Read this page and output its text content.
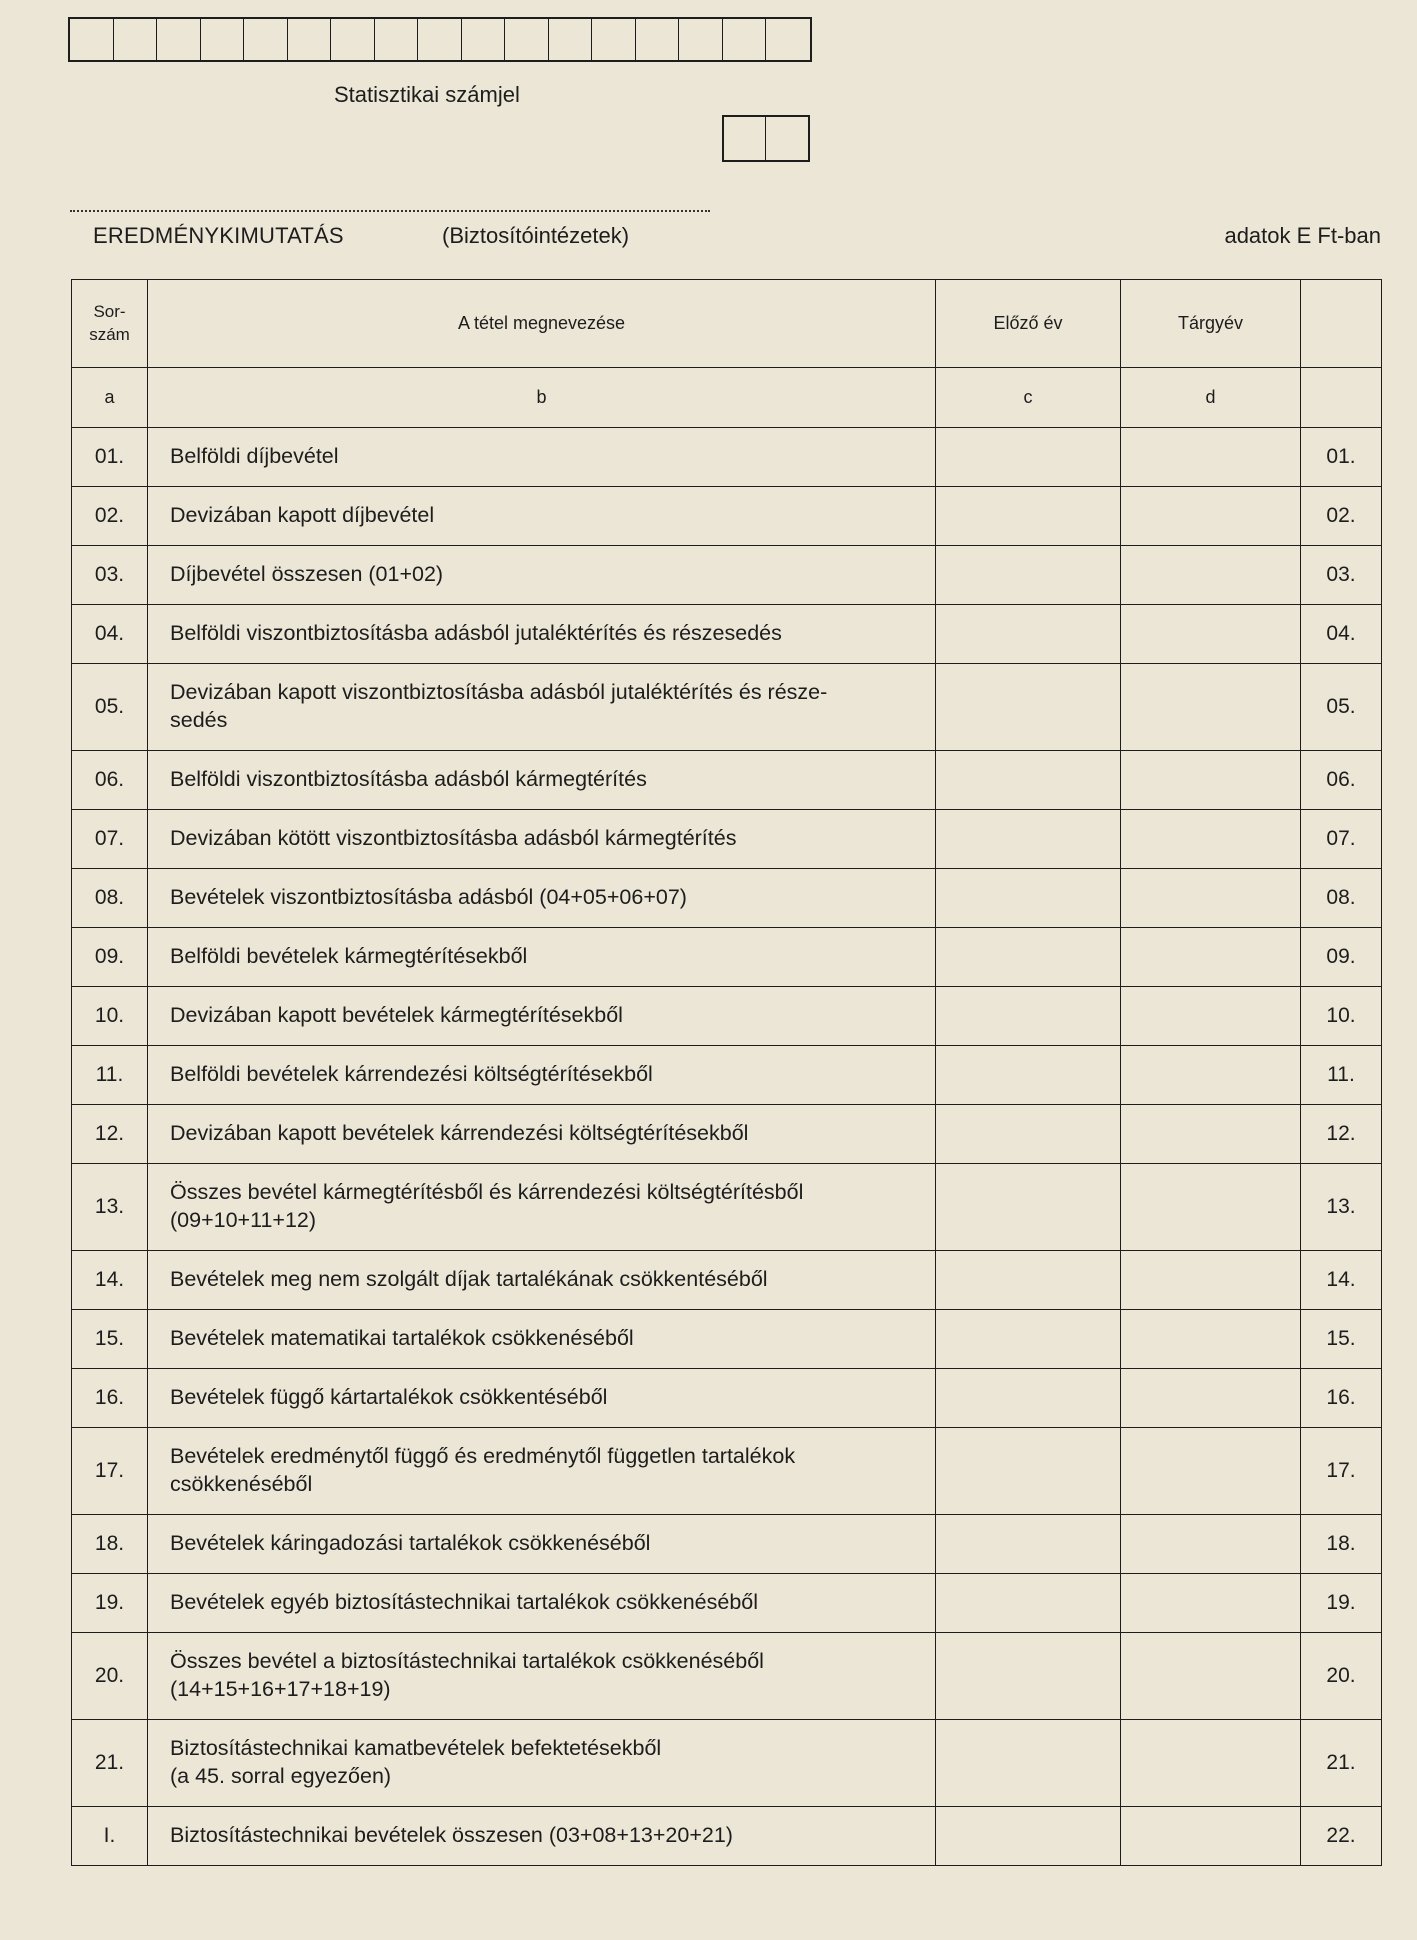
Statisztikai számjel
EREDMÉNYKIMUTATÁS	(Biztosítóintézetek)	adatok E Ft-ban
Sor-
szám	A tétel megnevezése	Előző év	Tárgyév	
a	b	c	d	
01.	Belföldi díjbevétel			01.
02.	Devizában kapott díjbevétel			02.
03.	Díjbevétel összesen (01+02)			03.
04.	Belföldi viszontbiztosításba adásból jutaléktérítés és részesedés			04.
05.	Devizában kapott viszontbiztosításba adásból jutaléktérítés és része-
sedés			05.
06.	Belföldi viszontbiztosításba adásból kármegtérítés			06.
07.	Devizában kötött viszontbiztosításba adásból kármegtérítés			07.
08.	Bevételek viszontbiztosításba adásból (04+05+06+07)			08.
09.	Belföldi bevételek kármegtérítésekből			09.
10.	Devizában kapott bevételek kármegtérítésekből			10.
11.	Belföldi bevételek kárrendezési költségtérítésekből			11.
12.	Devizában kapott bevételek kárrendezési költségtérítésekből			12.
13.	Összes bevétel kármegtérítésből és kárrendezési költségtérítésből
(09+10+11+12)			13.
14.	Bevételek meg nem szolgált díjak tartalékának csökkentéséből			14.
15.	Bevételek matematikai tartalékok csökkenéséből			15.
16.	Bevételek függő kártartalékok csökkentéséből			16.
17.	Bevételek eredménytől függő és eredménytől független tartalékok
csökkenéséből			17.
18.	Bevételek káringadozási tartalékok csökkenéséből			18.
19.	Bevételek egyéb biztosítástechnikai tartalékok csökkenéséből			19.
20.	Összes bevétel a biztosítástechnikai tartalékok csökkenéséből
(14+15+16+17+18+19)			20.
21.	Biztosítástechnikai kamatbevételek befektetésekből
(a 45. sorral egyezően)			21.
I.	Biztosítástechnikai bevételek összesen (03+08+13+20+21)			22.
